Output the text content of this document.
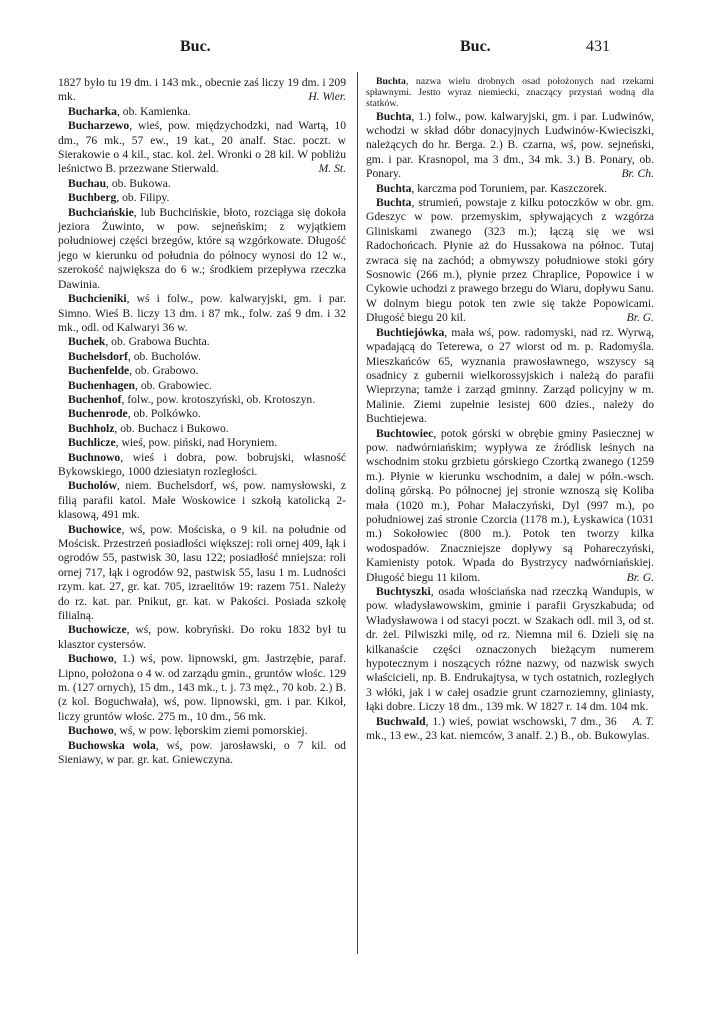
Buc.	Buc.	431

1827 było tu 19 dm. i 143 mk., obecnie zaś liczy 19 dm. i 209 mk.	H. Wier.

Bucharka, ob. Kamienka.

Bucharzewo, wieś, pow. międzychodzki, nad Wartą, 10 dm., 76 mk., 57 ew., 19 kat., 20 analf. Stac. poczt. w Sierakowie o 4 kil., stac. kol. żel. Wronki o 28 kil. W pobliżu leśnictwo B. przezwane Stierwald.	M. St.

Buchau, ob. Bukowa.

Buchberg, ob. Filipy.

Buchciańskie, lub Buchcińskie, błoto, rozciąga się dokoła jeziora Żuwinto, w pow. sejneńskim; z wyjątkiem południowej części brzegów, które są wzgórkowate. Długość jego w kierunku od południa do północy wynosi do 12 w., szerokość największa do 6 w.; środkiem przepływa rzeczka Dawinia.

Buchcieniki, wś i folw., pow. kalwaryjski, gm. i par. Simno. Wieś B. liczy 13 dm. i 87 mk., folw. zaś 9 dm. i 32 mk., odl. od Kalwaryi 36 w.

Buchek, ob. Grabowa Buchta.

Buchelsdorf, ob. Bucholów.

Buchenfelde, ob. Grabowo.

Buchenhagen, ob. Grabowiec.

Buchenhof, folw., pow. krotoszyński, ob. Krotoszyn.

Buchenrode, ob. Polkówko.

Buchholz, ob. Buchacz i Bukowo.

Buchlicze, wieś, pow. piński, nad Horyniem.

Buchnowo, wieś i dobra, pow. bobrujski, własność Bykowskiego, 1000 dziesiatyn rozległości.

Bucholów, niem. Buchelsdorf, wś, pow. namysłowski, z filią parafii katol. Małe Woskowice i szkołą katolicką 2-klasową, 491 mk.

Buchowice, wś, pow. Mościska, o 9 kil. na południe od Mościsk. Przestrzeń posiadłości większej: roli ornej 409, łąk i ogrodów 55, pastwisk 30, lasu 122; posiadłość mniejsza: roli ornej 717, łąk i ogrodów 92, pastwisk 55, lasu 1 m. Ludności rzym. kat. 27, gr. kat. 705, izraelitów 19: razem 751. Należy do rz. kat. par. Pnikut, gr. kat. w Pakości. Posiada szkołę filialną.

Buchowicze, wś, pow. kobryński. Do roku 1832 był tu klasztor cystersów.

Buchowo, 1.) wś, pow. lipnowski, gm. Jastrzębie, paraf. Lipno, położona o 4 w. od zarządu gmin., gruntów włośc. 129 m. (127 ornych), 15 dm., 143 mk., t. j. 73 męż., 70 kob. 2.) B. (z kol. Boguchwała), wś, pow. lipnowski, gm. i par. Kikoł, liczy gruntów włośc. 275 m., 10 dm., 56 mk.

Buchowo, wś, w pow. lęborskim ziemi pomorskiej.

Buchowska wola, wś, pow. jarosławski, o 7 kil. od Sieniawy, w par. gr. kat. Gniewczyna.

Buchta, nazwa wielu drobnych osad położonych nad rzekami spławnymi. Jestto wyraz niemiecki, znaczący przystań wodną dla statków.

Buchta, 1.) folw., pow. kalwaryjski, gm. i par. Ludwinów, wchodzi w skład dóbr donacyjnych Ludwinów-Kwieciszki, należących do hr. Berga. 2.) B. czarna, wś, pow. sejneński, gm. i par. Krasnopol, ma 3 dm., 34 mk. 3.) B. Ponary, ob. Ponary.	Br. Ch.

Buchta, karczma pod Toruniem, par. Kaszczorek.

Buchta, strumień, powstaje z kilku potoczków w obr. gm. Gdeszyc w pow. przemyskim, spływających z wzgórza Gliniskami zwanego (323 m.); łączą się we wsi Radochońcach. Płynie aż do Hussakowa na północ. Tutaj zwraca się na zachód; a obmywszy południowe stoki góry Sosnowic (266 m.), płynie przez Chraplice, Popowice i w Cykowie uchodzi z prawego brzegu do Wiaru, dopływu Sanu. W dolnym biegu potok ten zwie się także Popowicami. Długość biegu 20 kil.	Br. G.

Buchtiejówka, mała wś, pow. radomyski, nad rz. Wyrwą, wpadającą do Teterewa, o 27 wiorst od m. p. Radomyśla. Mieszkańców 65, wyznania prawosławnego, wszyscy są osadnicy z gubernii wielkorossyjskich i należą do parafii Wieprzyna; tamże i zarząd gminny. Zarząd policyjny w m. Malinie. Ziemi zupełnie lesistej 600 dzies., należy do Buchtiejewa.

Buchtowiec, potok górski w obrębie gminy Pasiecznej w pow. nadwórniańskim; wypływa ze źródlisk leśnych na wschodnim stoku grzbietu górskiego Czortką zwanego (1259 m.). Płynie w kierunku wschodnim, a dalej w półn.-wsch. doliną górską. Po północnej jej stronie wznoszą się Koliba mała (1020 m.), Pohar Małaczyński, Dyl (997 m.), po południowej zaś stronie Czorcia (1178 m.), Łyskawica (1031 m.) Sokołowiec (800 m.). Potok ten tworzy kilka wodospadów. Znaczniejsze dopływy są Pohareczyński, Kamienisty potok. Wpada do Bystrzycy nadwórniańskiej. Długość biegu 11 kilom.	Br. G.

Buchtyszki, osada włościańska nad rzeczką Wandupis, w pow. władysławowskim, gminie i parafii Gryszkabuda; od Władysławowa i od stacyi poczt. w Szakach odl. mil 3, od st. dr. żel. Pilwiszki milę, od rz. Niemna mil 6. Dzieli się na kilkanaście części oznaczonych bieżącym numerem hypotecznym i noszących różne nazwy, od nazwisk swych właścicieli, np. B. Endrukajtysa, w tych ostatnich, rozległych 3 włóki, jak i w całej osadzie grunt czarnoziemny, gliniasty, łąki dobre. Liczy 18 dm., 139 mk. W 1827 r. 14 dm. 104 mk.
A. T.

Buchwald, 1.) wieś, powiat wschowski, 7 dm., 36 mk., 13 ew., 23 kat. niemców, 3 analf. 2.) B., ob. Bukowylas.
